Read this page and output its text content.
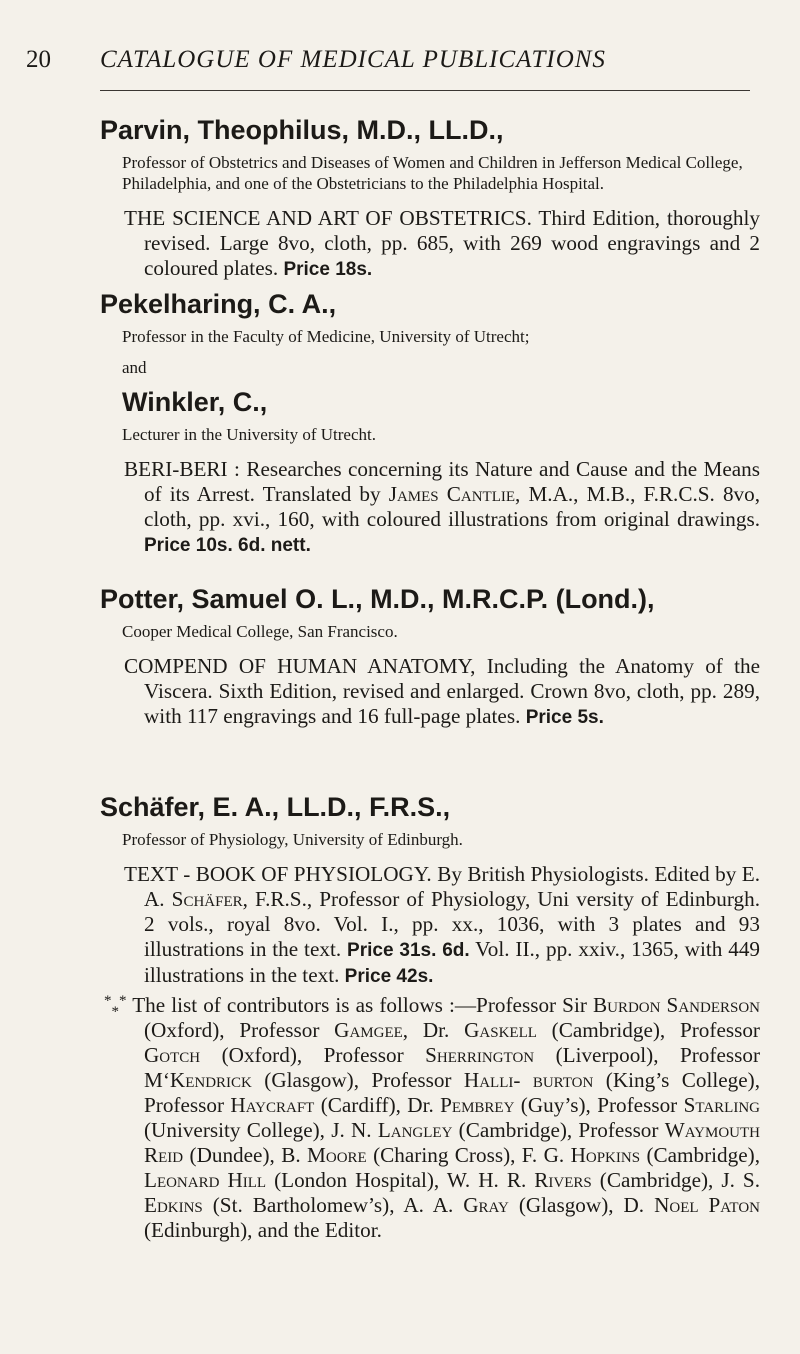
20 CATALOGUE OF MEDICAL PUBLICATIONS
Parvin, Theophilus, M.D., LL.D.,
Professor of Obstetrics and Diseases of Women and Children in Jefferson Medical College, Philadelphia, and one of the Obstetricians to the Philadelphia Hospital.
THE SCIENCE AND ART OF OBSTETRICS. Third Edition, thoroughly revised. Large 8vo, cloth, pp. 685, with 269 wood engravings and 2 coloured plates. Price 18s.
Pekelharing, C. A.,
Professor in the Faculty of Medicine, University of Utrecht;
and
Winkler, C.,
Lecturer in the University of Utrecht.
BERI-BERI : Researches concerning its Nature and Cause and the Means of its Arrest. Translated by James Cantlie, M.A., M.B., F.R.C.S. 8vo, cloth, pp. xvi., 160, with coloured illustrations from original drawings. Price 10s. 6d. nett.
Potter, Samuel O. L., M.D., M.R.C.P. (Lond.),
Cooper Medical College, San Francisco.
COMPEND OF HUMAN ANATOMY, Including the Anatomy of the Viscera. Sixth Edition, revised and enlarged. Crown 8vo, cloth, pp. 289, with 117 engravings and 16 full-page plates. Price 5s.
Schäfer, E. A., LL.D., F.R.S.,
Professor of Physiology, University of Edinburgh.
TEXT - BOOK OF PHYSIOLOGY. By British Physiologists. Edited by E. A. Schäfer, F.R.S., Professor of Physiology, Uni versity of Edinburgh. 2 vols., royal 8vo. Vol. I., pp. xx., 1036, with 3 plates and 93 illustrations in the text. Price 31s. 6d. Vol. II., pp. xxiv., 1365, with 449 illustrations in the text. Price 42s.
*$_*$* The list of contributors is as follows :—Professor Sir Burdon Sanderson (Oxford), Professor Gamgee, Dr. Gaskell (Cambridge), Professor Gotch (Oxford), Professor Sherrington (Liverpool), Professor M‘Kendrick (Glasgow), Professor Halli- burton (King’s College), Professor Haycraft (Cardiff), Dr. Pembrey (Guy’s), Professor Starling (University College), J. N. Langley (Cambridge), Professor Waymouth Reid (Dundee), B. Moore (Charing Cross), F. G. Hopkins (Cambridge), Leonard Hill (London Hospital), W. H. R. Rivers (Cambridge), J. S. Edkins (St. Bartholomew’s), A. A. Gray (Glasgow), D. Noel Paton (Edinburgh), and the Editor.
